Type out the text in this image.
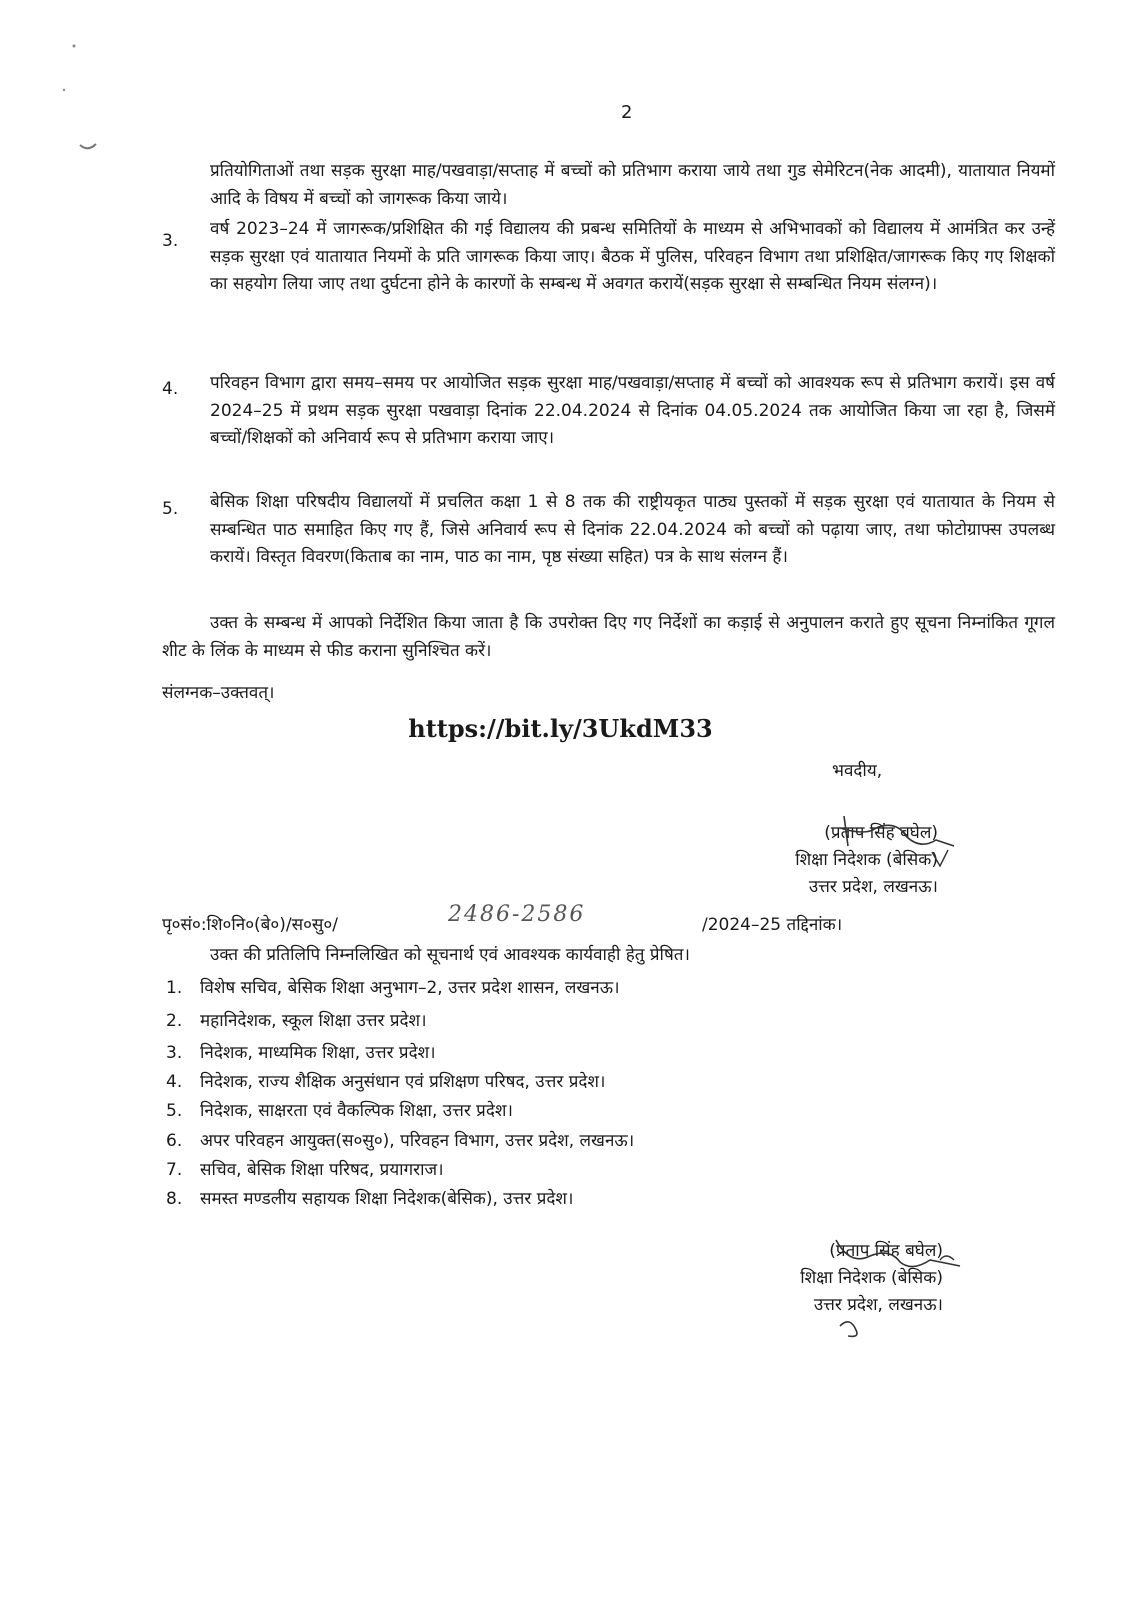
2
प्रतियोगिताओं तथा सड़क सुरक्षा माह/पखवाड़ा/सप्ताह में बच्चों को प्रतिभाग कराया जाये तथा गुड सेमेरिटन(नेक आदमी), यातायात नियमों आदि के विषय में बच्चों को जागरूक किया जाये।
3.
वर्ष 2023–24 में जागरूक/प्रशिक्षित की गई विद्यालय की प्रबन्ध समितियों के माध्यम से अभिभावकों को विद्यालय में आमंत्रित कर उन्हें सड़क सुरक्षा एवं यातायात नियमों के प्रति जागरूक किया जाए। बैठक में पुलिस, परिवहन विभाग तथा प्रशिक्षित/जागरूक किए गए शिक्षकों का सहयोग लिया जाए तथा दुर्घटना होने के कारणों के सम्बन्ध में अवगत करायें(सड़क सुरक्षा से सम्बन्धित नियम संलग्न)।
4. परिवहन विभाग द्वारा समय–समय पर आयोजित सड़क सुरक्षा माह/पखवाड़ा/सप्ताह में बच्चों को आवश्यक रूप से प्रतिभाग करायें। इस वर्ष 2024–25 में प्रथम सड़क सुरक्षा पखवाड़ा दिनांक 22.04.2024 से दिनांक 04.05.2024 तक आयोजित किया जा रहा है, जिसमें बच्चों/शिक्षकों को अनिवार्य रूप से प्रतिभाग कराया जाए।
5. बेसिक शिक्षा परिषदीय विद्यालयों में प्रचलित कक्षा 1 से 8 तक की राष्ट्रीयकृत पाठ्य पुस्तकों में सड़क सुरक्षा एवं यातायात के नियम से सम्बन्धित पाठ समाहित किए गए हैं, जिसे अनिवार्य रूप से दिनांक 22.04.2024 को बच्चों को पढ़ाया जाए, तथा फोटोग्राफ्स उपलब्ध करायें। विस्तृत विवरण(किताब का नाम, पाठ का नाम, पृष्ठ संख्या सहित) पत्र के साथ संलग्न हैं।
उक्त के सम्बन्ध में आपको निर्देशित किया जाता है कि उपरोक्त दिए गए निर्देशों का कड़ाई से अनुपालन कराते हुए सूचना निम्नांकित गूगल शीट के लिंक के माध्यम से फीड कराना सुनिश्चित करें।
संलग्नक–उक्तवत्।
https://bit.ly/3UkdM33
भवदीय,
(प्रताप सिंह बघेल)
शिक्षा निदेशक (बेसिक)
उत्तर प्रदेश, लखनऊ।
पृ०सं०:शि०नि०(बे०)/स०सु०/	2486-2586	/2024–25 तद्दिनांक।
उक्त की प्रतिलिपि निम्नलिखित को सूचनार्थ एवं आवश्यक कार्यवाही हेतु प्रेषित।
1. विशेष सचिव, बेसिक शिक्षा अनुभाग–2, उत्तर प्रदेश शासन, लखनऊ।
2. महानिदेशक, स्कूल शिक्षा उत्तर प्रदेश।
3. निदेशक, माध्यमिक शिक्षा, उत्तर प्रदेश।
4. निदेशक, राज्य शैक्षिक अनुसंधान एवं प्रशिक्षण परिषद, उत्तर प्रदेश।
5. निदेशक, साक्षरता एवं वैकल्पिक शिक्षा, उत्तर प्रदेश।
6. अपर परिवहन आयुक्त(स०सु०), परिवहन विभाग, उत्तर प्रदेश, लखनऊ।
7. सचिव, बेसिक शिक्षा परिषद, प्रयागराज।
8. समस्त मण्डलीय सहायक शिक्षा निदेशक(बेसिक), उत्तर प्रदेश।
(प्रताप सिंह बघेल)
शिक्षा निदेशक (बेसिक)
उत्तर प्रदेश, लखनऊ।
